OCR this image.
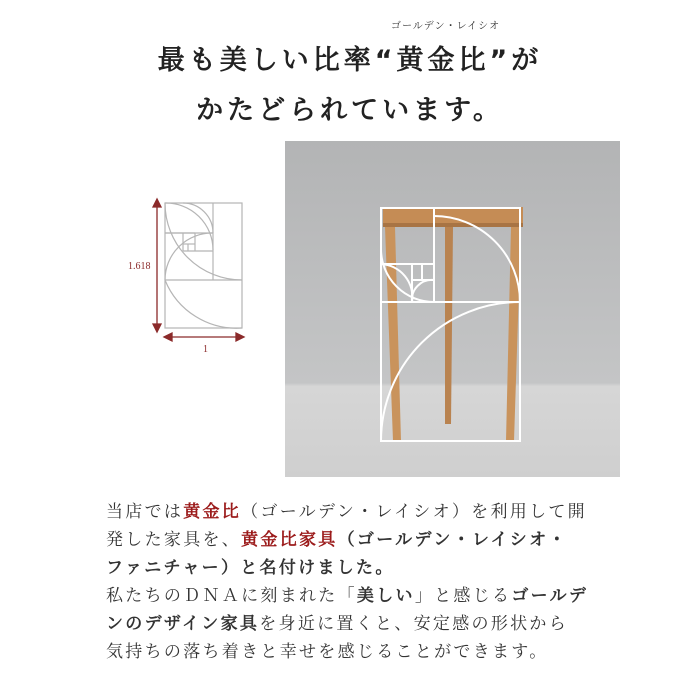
ゴールデン・レイシオ
最も美しい比率“黄金比”が
かたどられています。
1.618
1
当店では黄金比（ゴールデン・レイシオ）を利用して開
発した家具を、黄金比家具（ゴールデン・レイシオ・
ファニチャー）と名付けました。
私たちのＤＮＡに刻まれた「美しい」と感じるゴールデ
ンのデザイン家具を身近に置くと、安定感の形状から
気持ちの落ち着きと幸せを感じることができます。
